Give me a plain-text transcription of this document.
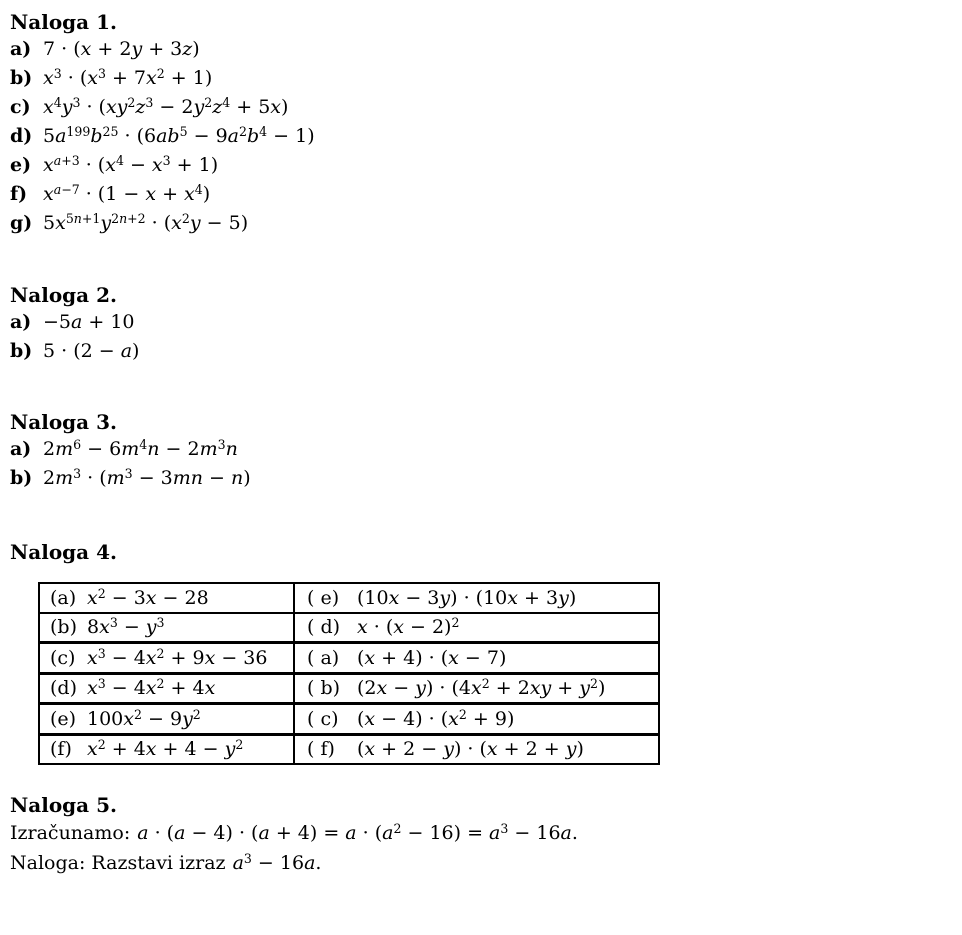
Naloga 1.
a) 7 · (x + 2y + 3z)
b) $x^3 \cdot (x^3 + 7x^2 + 1)$
c) $x^4y^3 \cdot (xy^2z^3 - 2y^2z^4 + 5x)$
d) $5a^{199}b^{25} \cdot (6ab^5 - 9a^2b^4 - 1)$
e) $x^{a+3} \cdot (x^4 - x^3 + 1)$
f) $x^{a-7} \cdot (1 - x + x^4)$
g) $5x^{5n+1}y^{2n+2} \cdot (x^2y - 5)$
Naloga 2.
a) −5a + 10
b) 5 · (2 − a)
Naloga 3.
a) $2m^6 - 6m^4n - 2m^3n$
b) $2m^3 \cdot (m^3 - 3mn - n)$
Naloga 4.
(a) $x^2 - 3x - 28$	( e) (10x − 3y) · (10x + 3y)
(b) $8x^3 - y^3$	( d) $x \cdot (x - 2)^2$
(c) $x^3 - 4x^2 + 9x - 36$	( a) (x + 4) · (x − 7)
(d) $x^3 - 4x^2 + 4x$	( b) $(2x - y) \cdot (4x^2 + 2xy + y^2)$
(e) $100x^2 - 9y^2$	( c) $(x - 4) \cdot (x^2 + 9)$
(f) $x^2 + 4x + 4 - y^2$	( f) (x + 2 − y) · (x + 2 + y)
Naloga 5.
Izračunamo: $a \cdot (a - 4) \cdot (a + 4) = a \cdot (a^2 - 16) = a^3 - 16a$.
Naloga: Razstavi izraz $a^3 - 16a$.
